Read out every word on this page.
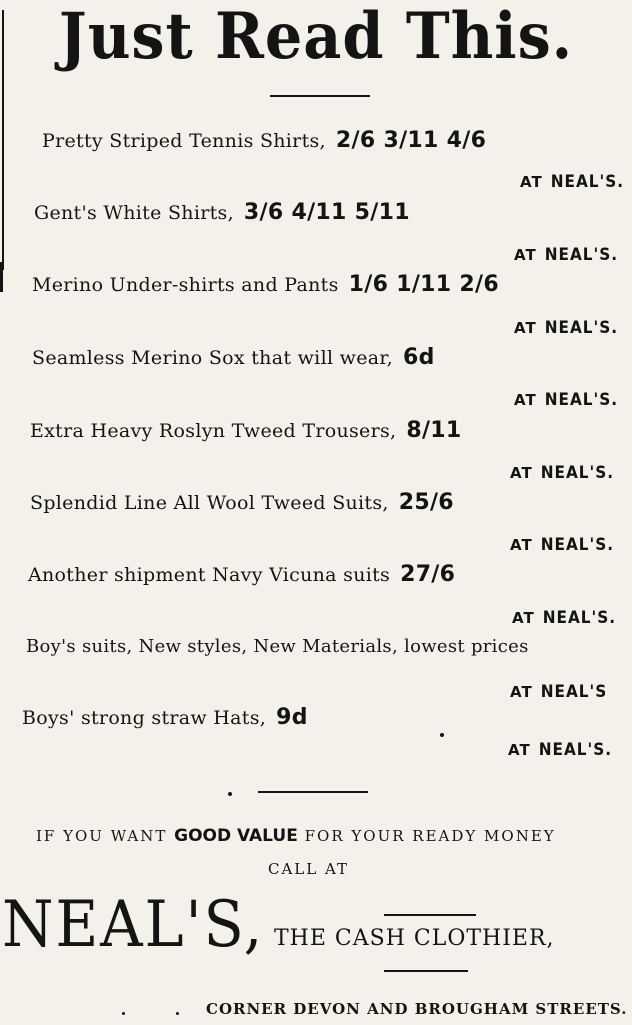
Just Read This.
Pretty Striped Tennis Shirts, 2/6 3/11 4/6
AT NEAL'S.
Gent's White Shirts, 3/6 4/11 5/11
AT NEAL'S.
Merino Under-shirts and Pants 1/6 1/11 2/6
AT NEAL'S.
Seamless Merino Sox that will wear, 6d
AT NEAL'S.
Extra Heavy Roslyn Tweed Trousers, 8/11
AT NEAL'S.
Splendid Line All Wool Tweed Suits, 25/6
AT NEAL'S.
Another shipment Navy Vicuna suits 27/6
AT NEAL'S.
Boy's suits, New styles, New Materials, lowest prices
AT NEAL'S
Boys' strong straw Hats, 9d
AT NEAL'S.
IF YOU WANT GOOD VALUE FOR YOUR READY MONEY
CALL AT
NEAL'S, THE CASH CLOTHIER,
CORNER DEVON AND BROUGHAM STREETS.
